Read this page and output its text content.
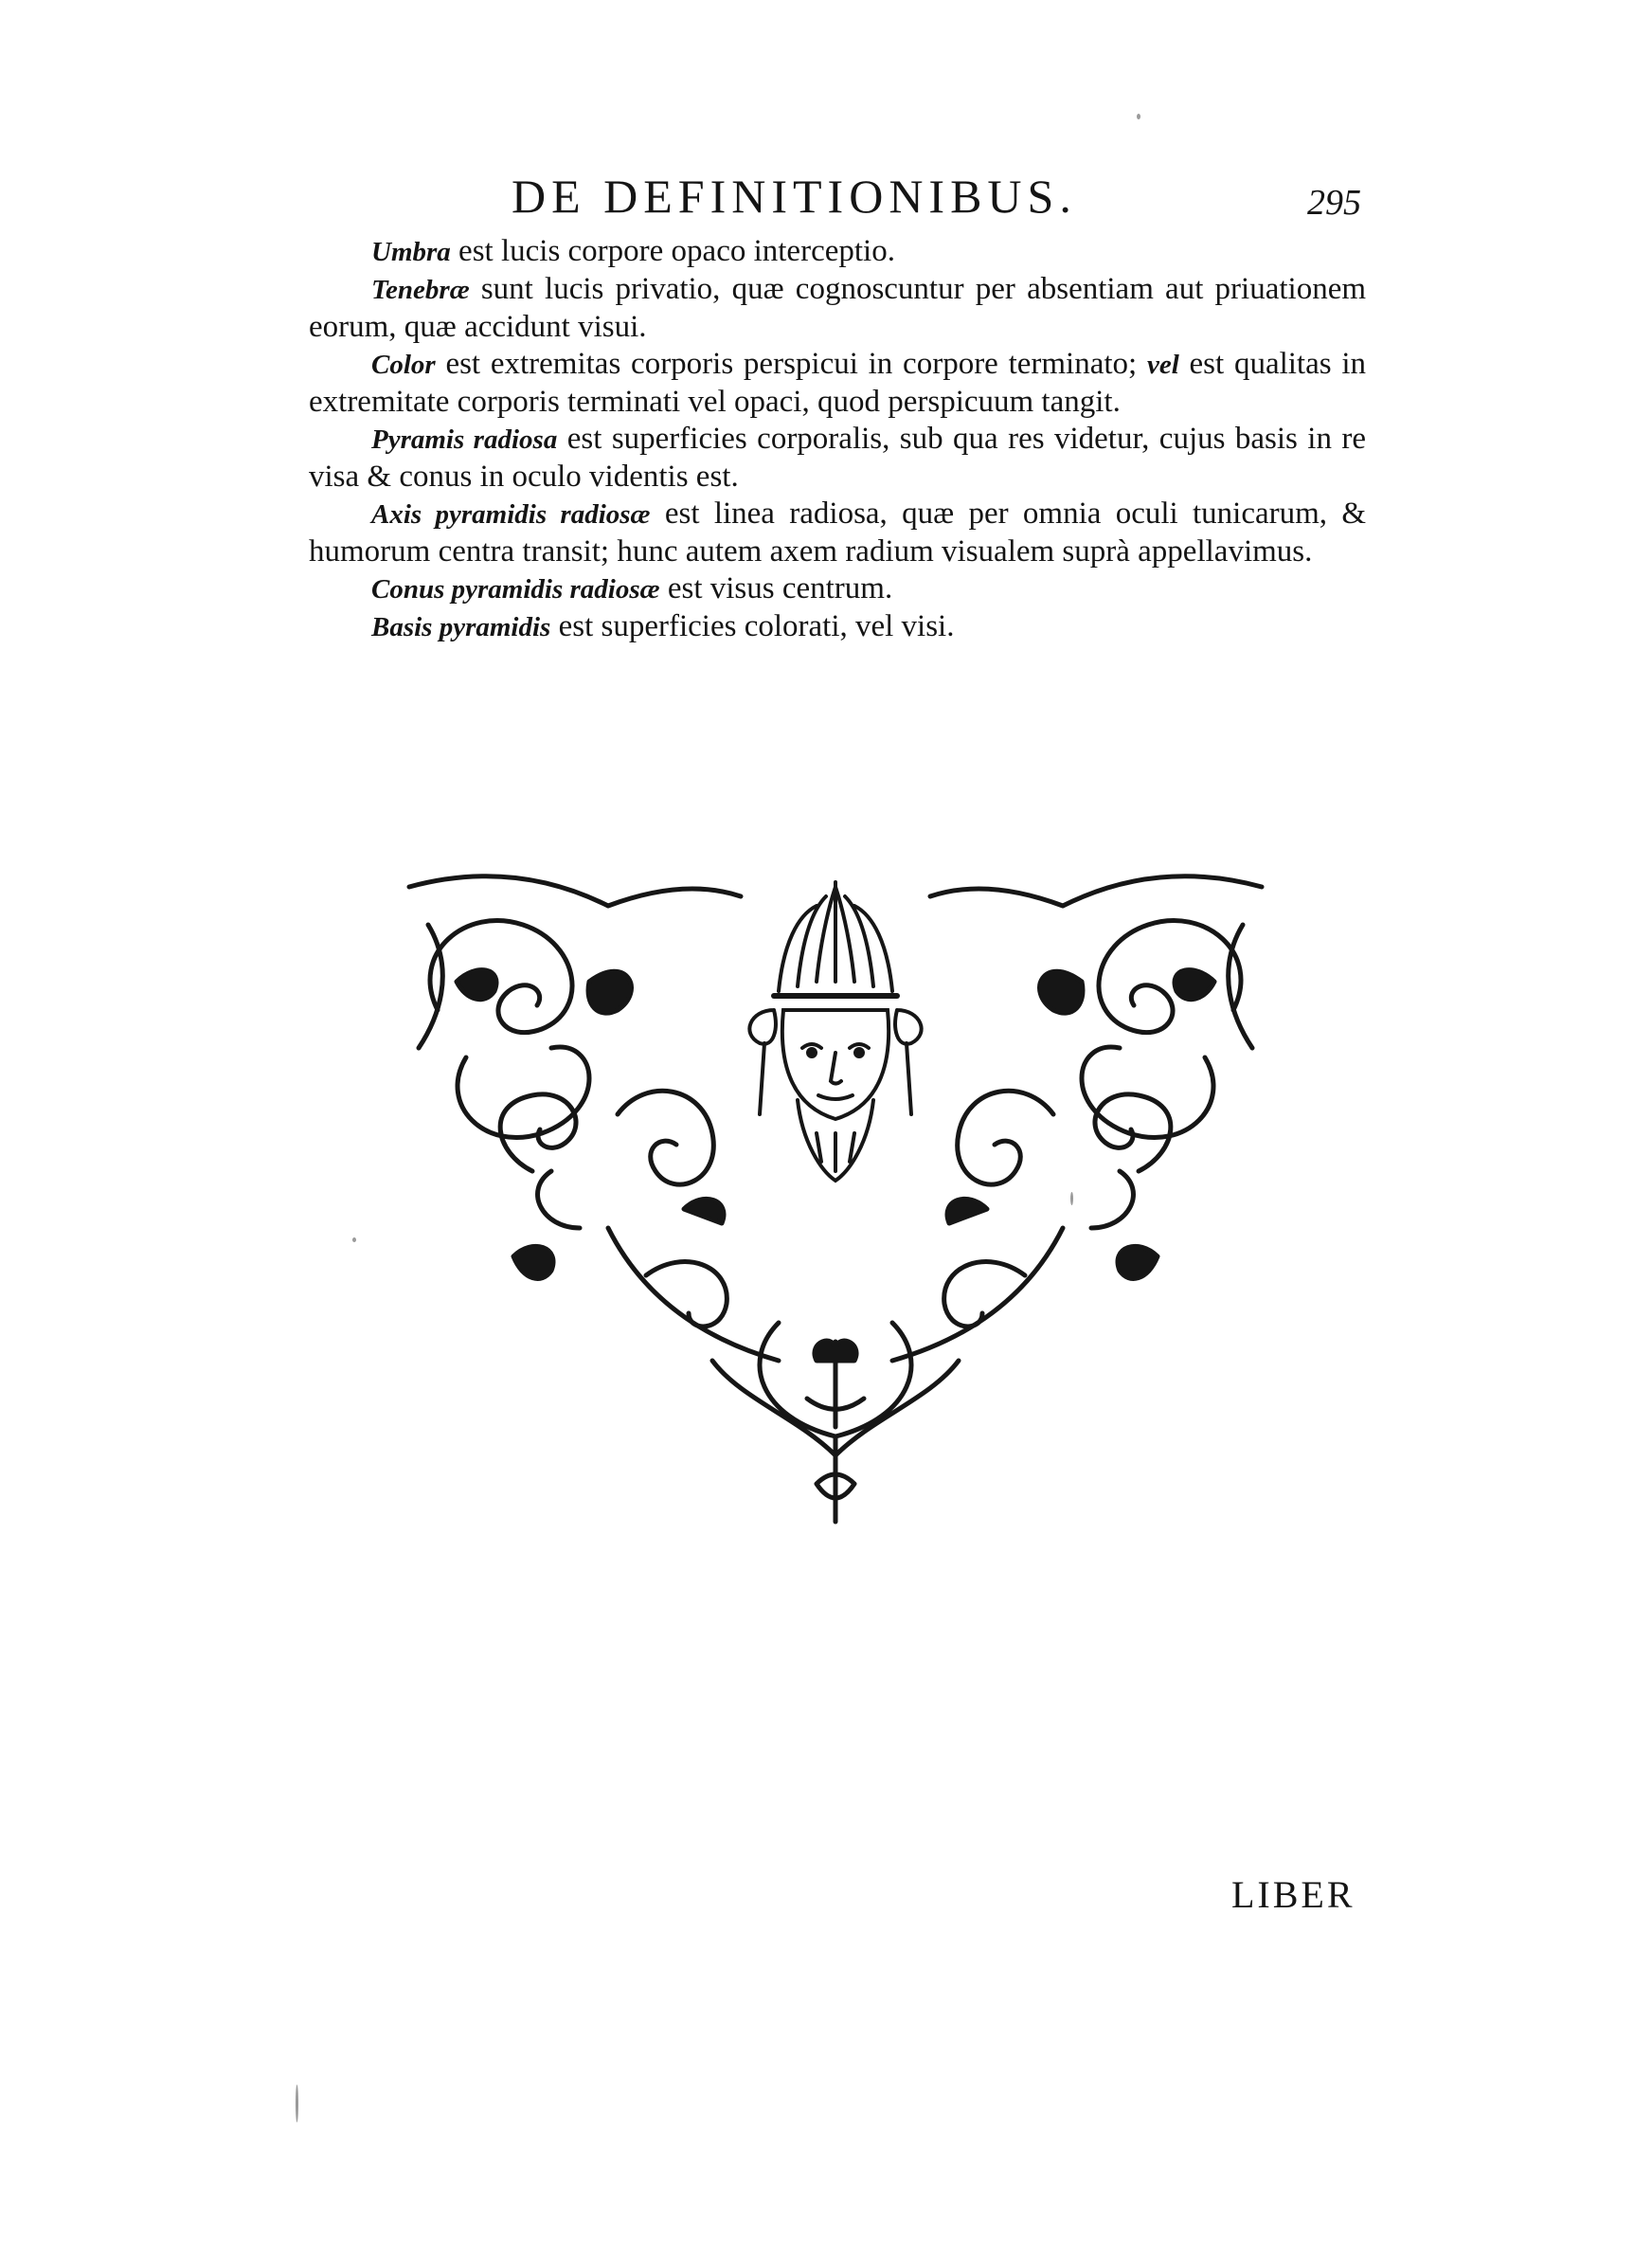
DE DEFINITIONIBUS.	295

Umbra est lucis corpore opaco interceptio.

Tenebræ sunt lucis privatio, quæ cognoscuntur per absentiam aut priuationem eorum, quæ accidunt visui.

Color est extremitas corporis perspicui in corpore terminato; vel est qualitas in extremitate corporis terminati vel opaci, quod perspicuum tangit.

Pyramis radiosa est superficies corporalis, sub qua res videtur, cujus basis in re visa & conus in oculo videntis est.

Axis pyramidis radiosæ est linea radiosa, quæ per omnia oculi tunicarum, & humorum centra transit; hunc autem axem radium visualem suprà appellavimus.

Conus pyramidis radiosæ est visus centrum.

Basis pyramidis est superficies colorati, vel visi.

LIBER
